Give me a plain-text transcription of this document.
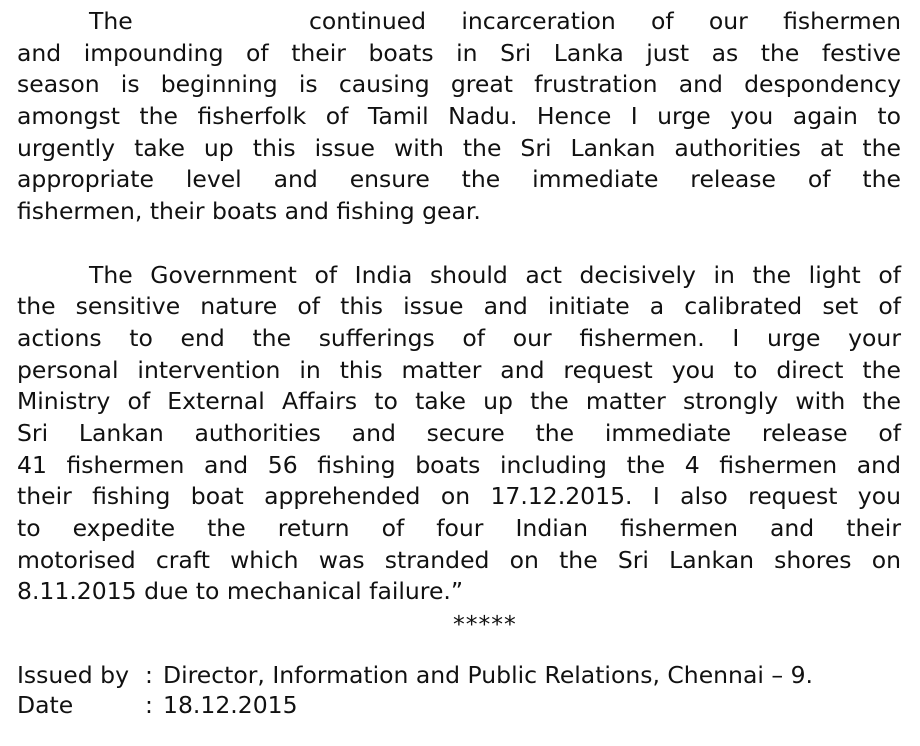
The	continued incarceration of our fishermen
and impounding of their boats in Sri Lanka just as the festive
season is beginning is causing great frustration and despondency
amongst the fisherfolk of Tamil Nadu. Hence I urge you again to
urgently take up this issue with the Sri Lankan authorities at the
appropriate level and ensure the immediate release of the
fishermen, their boats and fishing gear.
The Government of India should act decisively in the light of
the sensitive nature of this issue and initiate a calibrated set of
actions to end the sufferings of our fishermen. I urge your
personal intervention in this matter and request you to direct the
Ministry of External Affairs to take up the matter strongly with the
Sri Lankan authorities and secure the immediate release of
41 fishermen and 56 fishing boats including the 4 fishermen and
their fishing boat apprehended on 17.12.2015. I also request you
to expedite the return of four Indian fishermen and their
motorised craft which was stranded on the Sri Lankan shores on
8.11.2015 due to mechanical failure.”
*****
Issued by : Director, Information and Public Relations, Chennai – 9.
Date	: 18.12.2015
